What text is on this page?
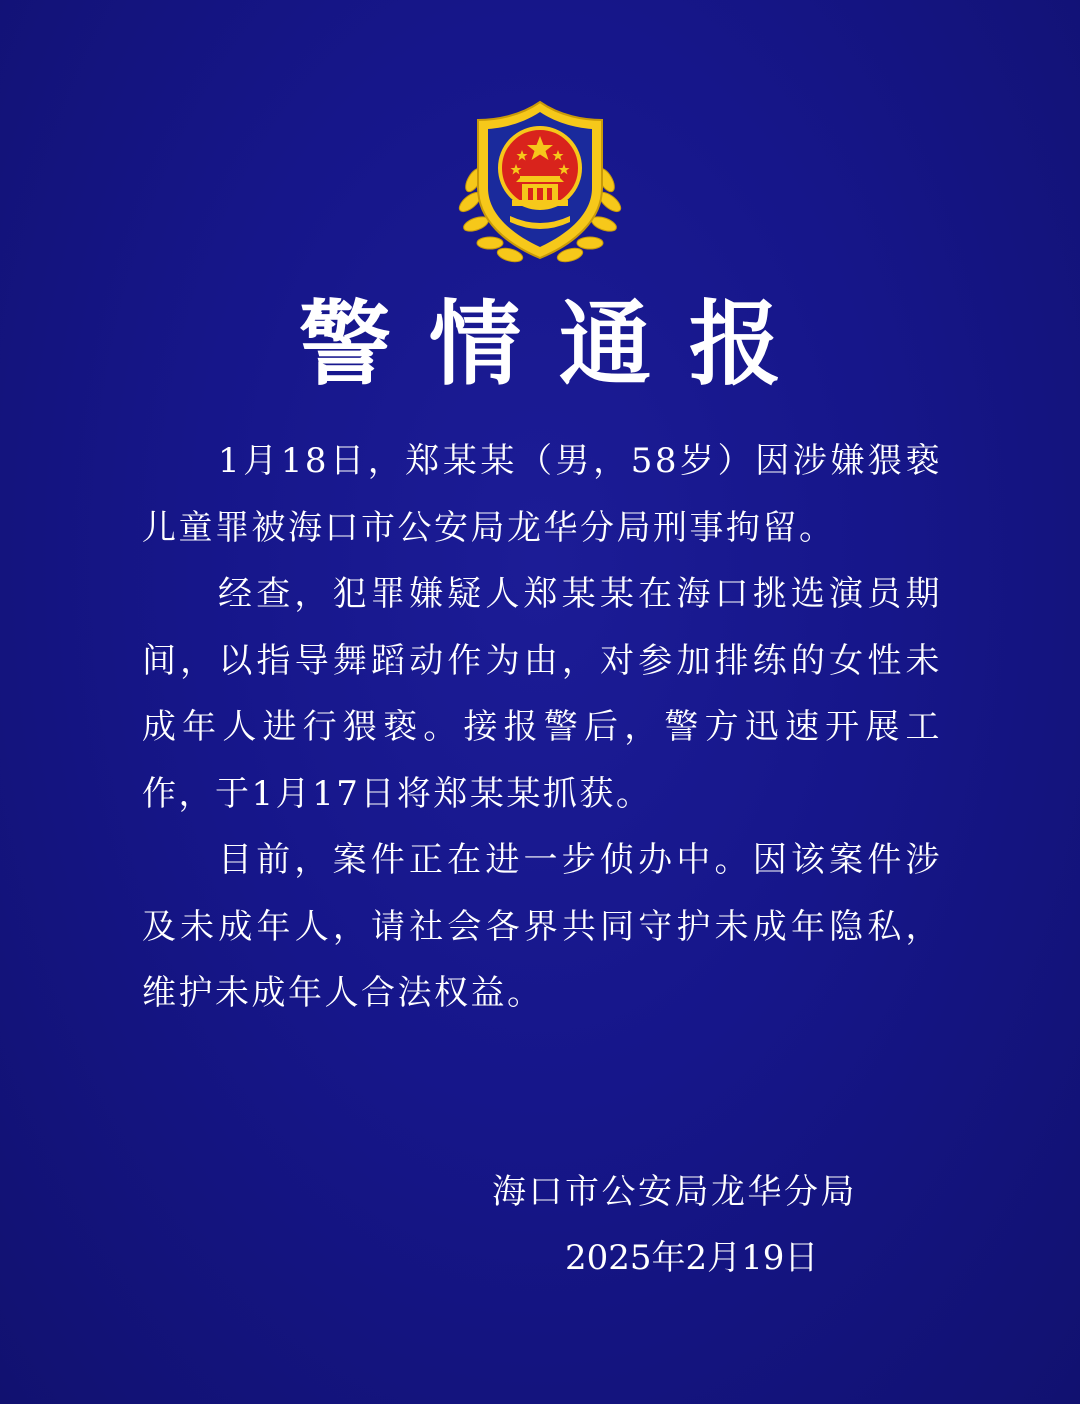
警情通报

1月18日，郑某某（男，58岁）因涉嫌猥亵儿童罪被海口市公安局龙华分局刑事拘留。

经查，犯罪嫌疑人郑某某在海口挑选演员期间，以指导舞蹈动作为由，对参加排练的女性未成年人进行猥亵。接报警后，警方迅速开展工作，于1月17日将郑某某抓获。

目前，案件正在进一步侦办中。因该案件涉及未成年人，请社会各界共同守护未成年隐私，维护未成年人合法权益。

海口市公安局龙华分局
2025年2月19日
